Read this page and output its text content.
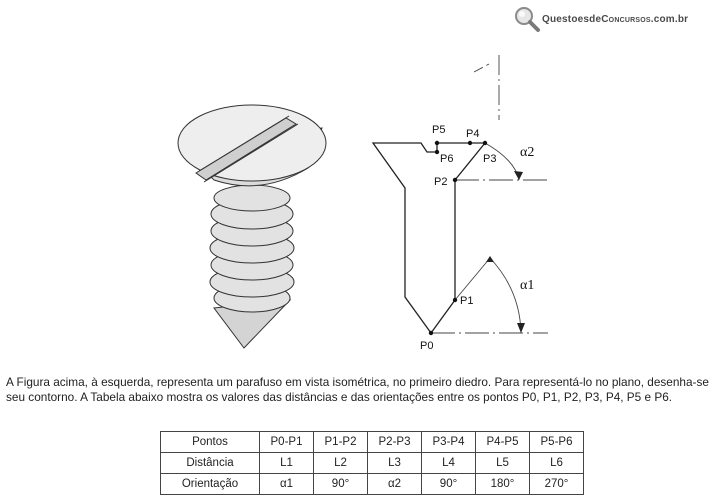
QuestoesdeConcursos.com.br
P0
P1
P2
P3
P4
P5
P6
α1
α2
A Figura acima, à esquerda, representa um parafuso em vista isométrica, no primeiro diedro. Para representá-lo no plano, desenha-se seu contorno. A Tabela abaixo mostra os valores das distâncias e das orientações entre os pontos P0, P1, P2, P3, P4, P5 e P6.
Pontos	P0-P1	P1-P2	P2-P3	P3-P4	P4-P5	P5-P6
Distância	L1	L2	L3	L4	L5	L6
Orientação	α1	90°	α2	90°	180°	270°
